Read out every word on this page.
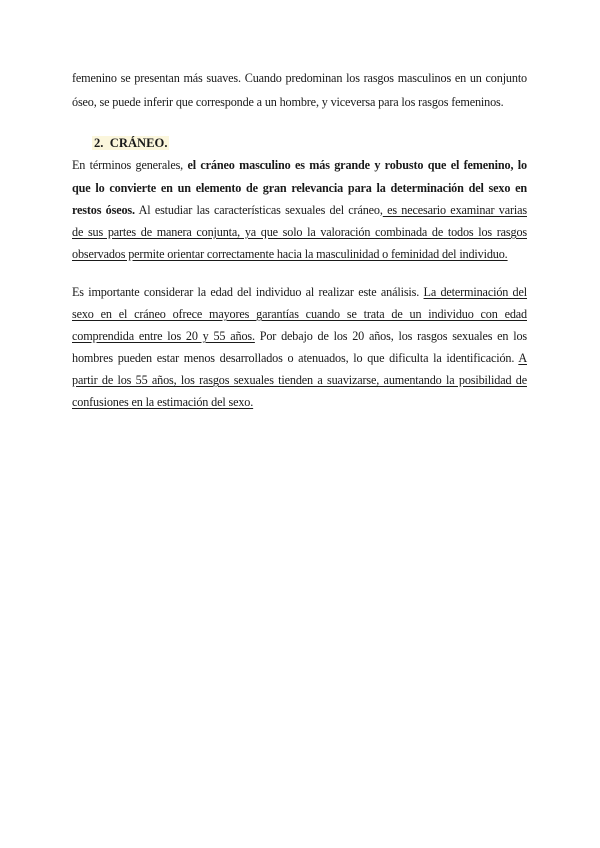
femenino se presentan más suaves. Cuando predominan los rasgos masculinos en un conjunto
óseo, se puede inferir que corresponde a un hombre, y viceversa para los rasgos femeninos.
2. CRÁNEO.
En términos generales, el cráneo masculino es más grande y robusto que el femenino, lo
que lo convierte en un elemento de gran relevancia para la determinación del sexo en
restos óseos. Al estudiar las características sexuales del cráneo, es necesario examinar varias
de sus partes de manera conjunta, ya que solo la valoración combinada de todos los rasgos
observados permite orientar correctamente hacia la masculinidad o feminidad del individuo.
Es importante considerar la edad del individuo al realizar este análisis. La determinación del
sexo en el cráneo ofrece mayores garantías cuando se trata de un individuo con edad
comprendida entre los 20 y 55 años. Por debajo de los 20 años, los rasgos sexuales en los
hombres pueden estar menos desarrollados o atenuados, lo que dificulta la identificación. A
partir de los 55 años, los rasgos sexuales tienden a suavizarse, aumentando la posibilidad de
confusiones en la estimación del sexo.
